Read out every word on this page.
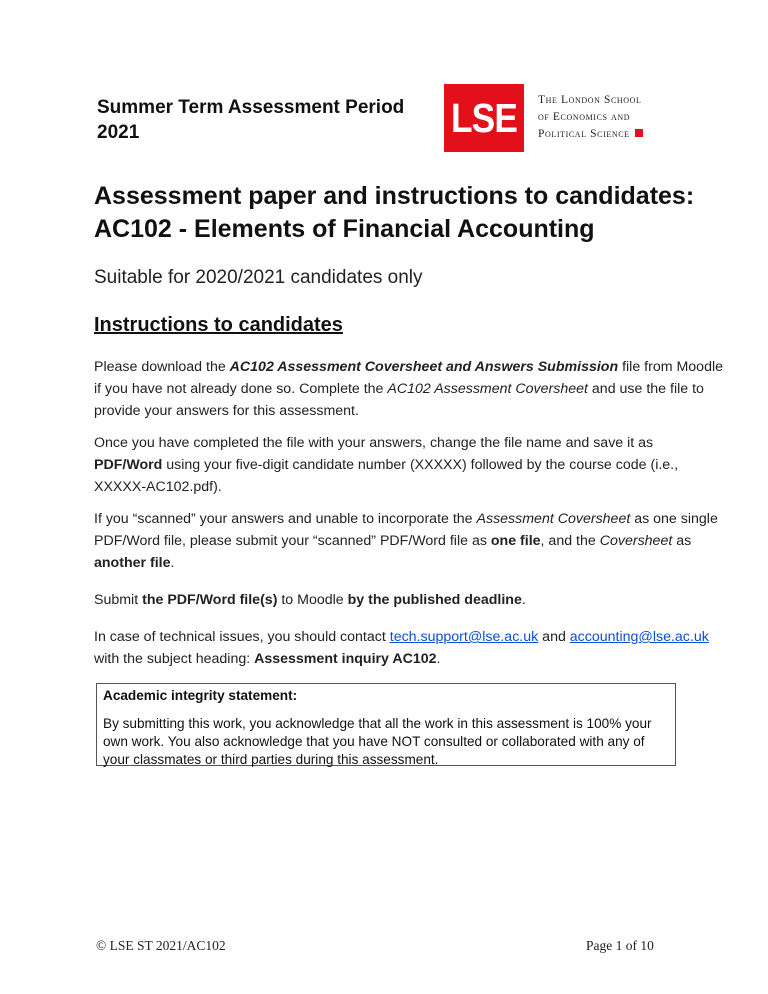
Summer Term Assessment Period
2021	LSE	The London School
of Economics and
Political Science
Assessment paper and instructions to candidates:
AC102 - Elements of Financial Accounting
Suitable for 2020/2021 candidates only
Instructions to candidates
Please download the AC102 Assessment Coversheet and Answers Submission file from Moodle if you have not already done so. Complete the AC102 Assessment Coversheet and use the file to provide your answers for this assessment.
Once you have completed the file with your answers, change the file name and save it as PDF/Word using your five-digit candidate number (XXXXX) followed by the course code (i.e., XXXXX-AC102.pdf).
If you “scanned” your answers and unable to incorporate the Assessment Coversheet as one single PDF/Word file, please submit your “scanned” PDF/Word file as one file, and the Coversheet as another file.
Submit the PDF/Word file(s) to Moodle by the published deadline.
In case of technical issues, you should contact tech.support@lse.ac.uk and accounting@lse.ac.uk with the subject heading: Assessment inquiry AC102.
Academic integrity statement:
By submitting this work, you acknowledge that all the work in this assessment is 100% your own work. You also acknowledge that you have NOT consulted or collaborated with any of your classmates or third parties during this assessment.
© LSE ST 2021/AC102	Page 1 of 10
